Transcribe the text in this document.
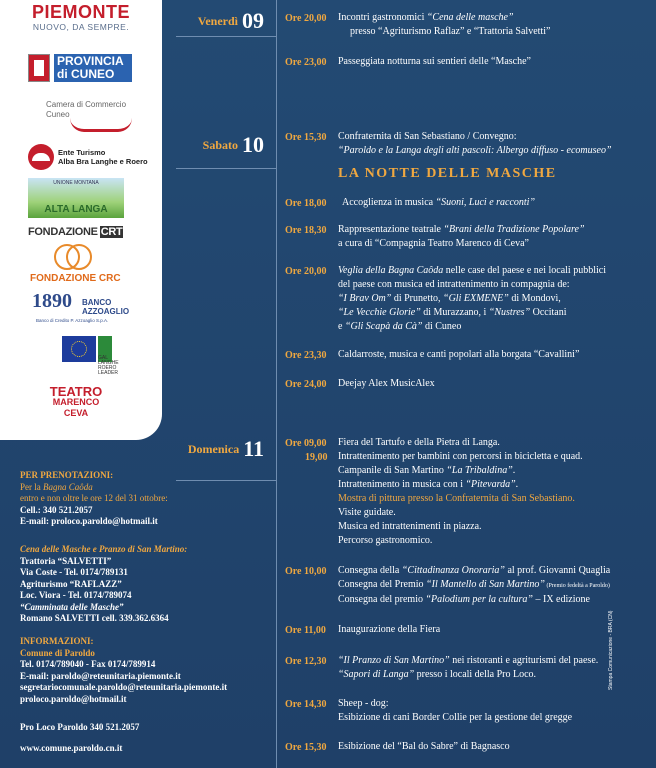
PIEMONTE
NUOVO, DA SEMPRE.
PROVINCIA
di CUNEO
Camera di Commercio
Cuneo
Ente Turismo
Alba Bra Langhe e Roero
UNIONE MONTANA
ALTA LANGA
FONDAZIONE CRT
FONDAZIONE CRC
1890 BANCO AZZOAGLIO
Banco di Credito P. Azzoaglio S.p.A.
GAL
LANGHE
ROERO
LEADER
TEATRO
MARENCO
CEVA
Venerdì 09
Sabato 10
Domenica 11
Ore 20,00 Incontri gastronomici “Cena delle masche”
presso “Agriturismo Raflaz” e “Trattoria Salvetti”
Ore 23,00 Passeggiata notturna sui sentieri delle “Masche”
Ore 15,30 Confraternita di San Sebastiano / Convegno:
“Paroldo e la Langa degli alti pascoli: Albergo diffuso - ecomuseo”
LA NOTTE DELLE MASCHE
Ore 18,00 Accoglienza in musica “Suoni, Luci e racconti”
Ore 18,30 Rappresentazione teatrale “Brani della Tradizione Popolare”
a cura di “Compagnia Teatro Marenco di Ceva”
Ore 20,00 Veglia della Bagna Caôda nelle case del paese e nei locali pubblici
del paese con musica ed intrattenimento in compagnia de:
“I Brav Om” di Prunetto, “Gli EXMENE” di Mondovì,
“Le Vecchie Glorie” di Murazzano, i “Nustres” Occitani
e “Gli Scapà da Cà” di Cuneo
Ore 23,30 Caldarroste, musica e canti popolari alla borgata “Cavallini”
Ore 24,00 Deejay Alex MusicAlex
Ore 09,00
19,00
Fiera del Tartufo e della Pietra di Langa.
Intrattenimento per bambini con percorsi in bicicletta e quad.
Campanile di San Martino “La Tribaldina”.
Intrattenimento in musica con i “Pitevarda”.
Mostra di pittura presso la Confraternita di San Sebastiano.
Visite guidate.
Musica ed intrattenimenti in piazza.
Percorso gastronomico.
Ore 10,00 Consegna della “Cittadinanza Onoraria” al prof. Giovanni Quaglia
Consegna del Premio “Il Mantello di San Martino” (Premio fedeltà a Paroldo)
Consegna del premio “Palodium per la cultura” – IX edizione
Ore 11,00 Inaugurazione della Fiera
Ore 12,30 “Il Pranzo di San Martino” nei ristoranti e agriturismi del paese.
“Sapori di Langa” presso i locali della Pro Loco.
Ore 14,30 Sheep - dog:
Esibizione di cani Border Collie per la gestione del gregge
Ore 15,30 Esibizione del “Bal do Sabre” di Bagnasco
PER PRENOTAZIONI:
Per la Bagna Caôda
entro e non oltre le ore 12 del 31 ottobre:
Cell.: 340 521.2057
E-mail: proloco.paroldo@hotmail.it
Cena delle Masche e Pranzo di San Martino:
Trattoria “SALVETTI”
Via Coste - Tel. 0174/789131
Agriturismo “RAFLAZZ”
Loc. Viora - Tel. 0174/789074
“Camminata delle Masche”
Romano SALVETTI cell. 339.362.6364
INFORMAZIONI:
Comune di Paroldo
Tel. 0174/789040 - Fax 0174/789914
E-mail: paroldo@reteunitaria.piemonte.it
segretariocomunale.paroldo@reteunitaria.piemonte.it
proloco.paroldo@hotmail.it
Pro Loco Paroldo 340 521.2057
www.comune.paroldo.cn.it
Stampa Comunicazione - BRA (CN)
